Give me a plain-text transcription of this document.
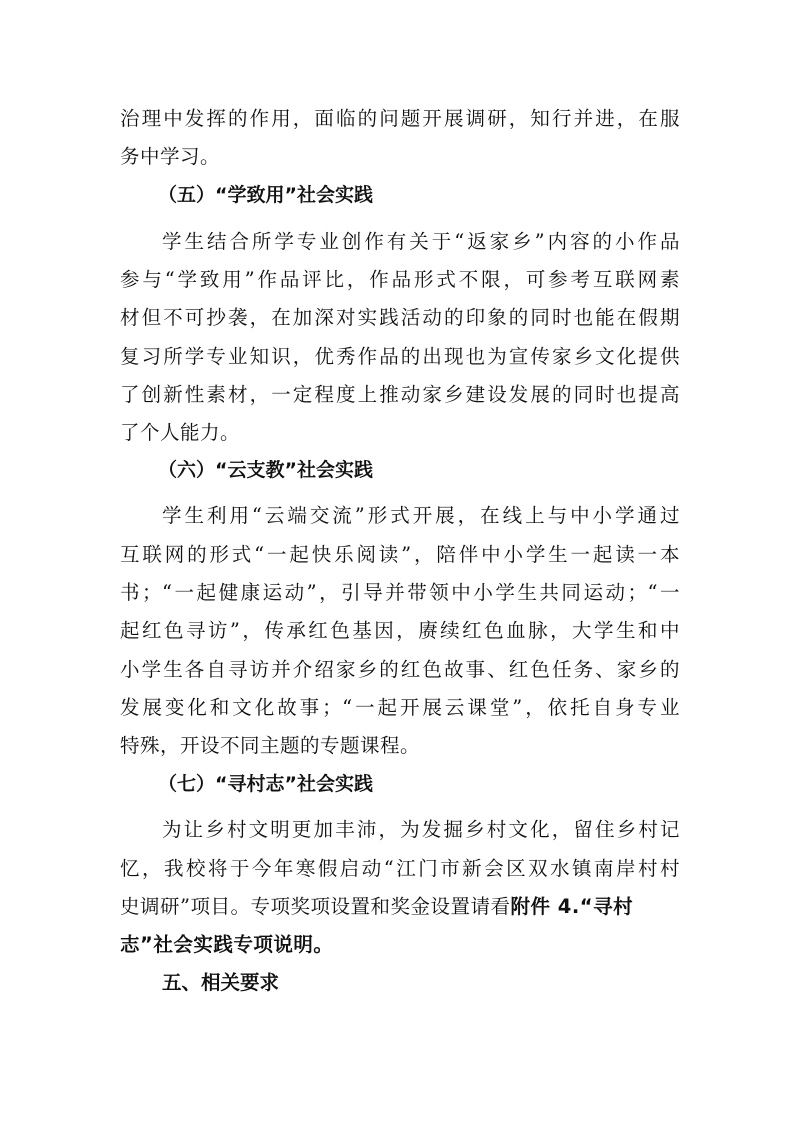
治理中发挥的作用，面临的问题开展调研，知行并进，在服
务中学习。
（五）“学致用”社会实践
学生结合所学专业创作有关于“返家乡”内容的小作品
参与“学致用”作品评比，作品形式不限，可参考互联网素
材但不可抄袭，在加深对实践活动的印象的同时也能在假期
复习所学专业知识，优秀作品的出现也为宣传家乡文化提供
了创新性素材，一定程度上推动家乡建设发展的同时也提高
了个人能力。
（六）“云支教”社会实践
学生利用“云端交流”形式开展，在线上与中小学通过
互联网的形式“一起快乐阅读”，陪伴中小学生一起读一本
书；“一起健康运动”，引导并带领中小学生共同运动；“一
起红色寻访”，传承红色基因，赓续红色血脉，大学生和中
小学生各自寻访并介绍家乡的红色故事、红色任务、家乡的
发展变化和文化故事；“一起开展云课堂”，依托自身专业
特殊，开设不同主题的专题课程。
（七）“寻村志”社会实践
为让乡村文明更加丰沛，为发掘乡村文化，留住乡村记
忆，我校将于今年寒假启动“江门市新会区双水镇南岸村村
史调研”项目。专项奖项设置和奖金设置请看附件 4.“寻村
志”社会实践专项说明。
五、相关要求
